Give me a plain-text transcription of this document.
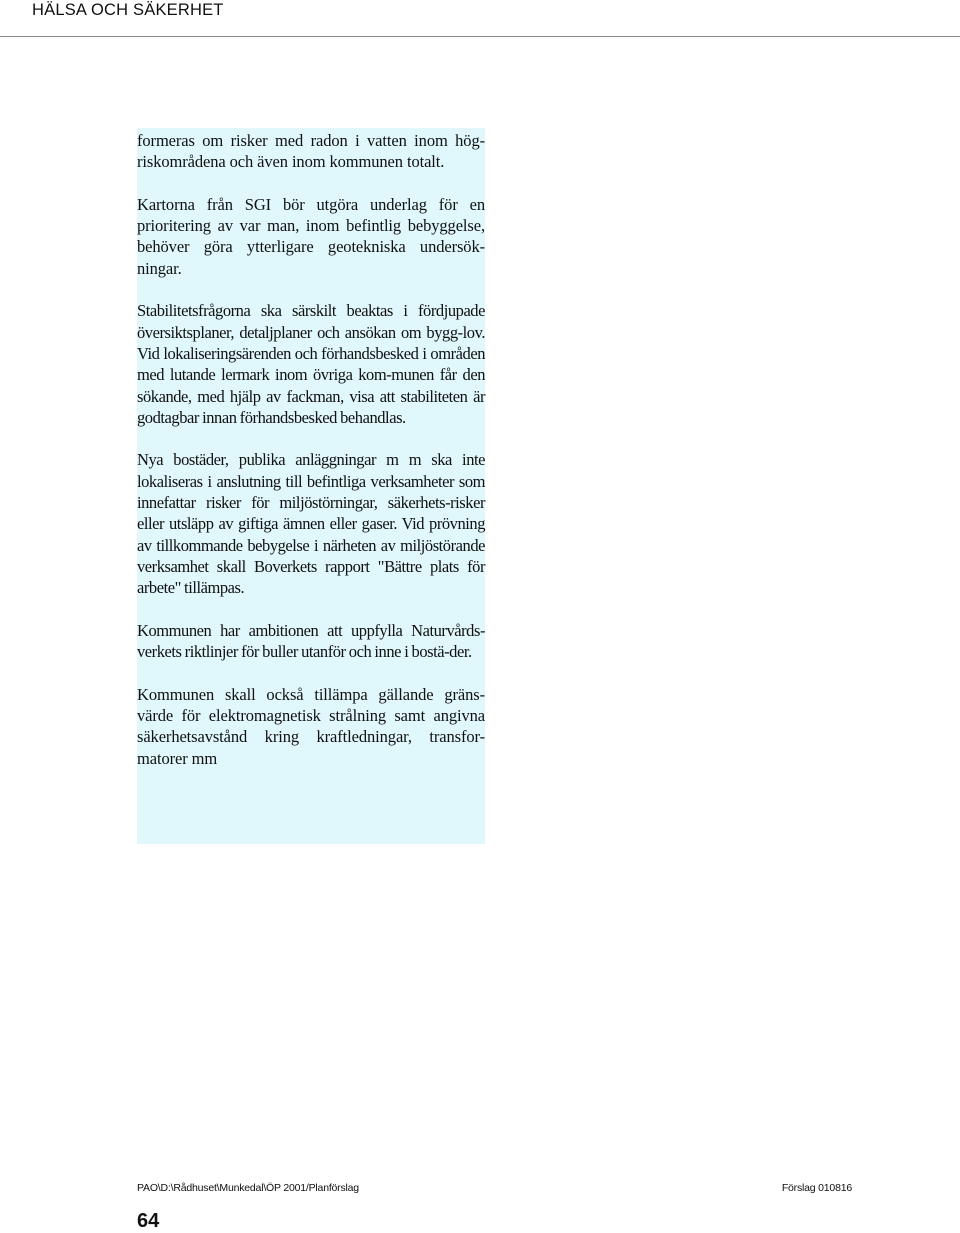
HÄLSA OCH SÄKERHET

formeras om risker med radon i vatten inom hög-riskområdena och även inom kommunen totalt.

Kartorna från SGI bör utgöra underlag för en prioritering av var man, inom befintlig bebyggelse, behöver göra ytterligare geotekniska undersök-ningar.

Stabilitetsfrågorna ska särskilt beaktas i fördjupade översiktsplaner, detaljplaner och ansökan om bygg-lov. Vid lokaliseringsärenden och förhandsbesked i områden med lutande lermark inom övriga kom-munen får den sökande, med hjälp av fackman, visa att stabiliteten är godtagbar innan förhandsbesked behandlas.

Nya bostäder, publika anläggningar m m ska inte lokaliseras i anslutning till befintliga verksamheter som innefattar risker för miljöstörningar, säkerhets-risker eller utsläpp av giftiga ämnen eller gaser. Vid prövning av tillkommande bebygelse i närheten av miljöstörande verksamhet skall Boverkets rapport "Bättre plats för arbete" tillämpas.

Kommunen har ambitionen att uppfylla Naturvårds-verkets riktlinjer för buller utanför och inne i bostä-der.

Kommunen skall också tillämpa gällande gräns-värde för elektromagnetisk strålning samt angivna säkerhetsavstånd kring kraftledningar, transfor-matorer mm

PAO\D:\Rådhuset\Munkedal\ÖP 2001/Planförslag	Förslag 010816
64
